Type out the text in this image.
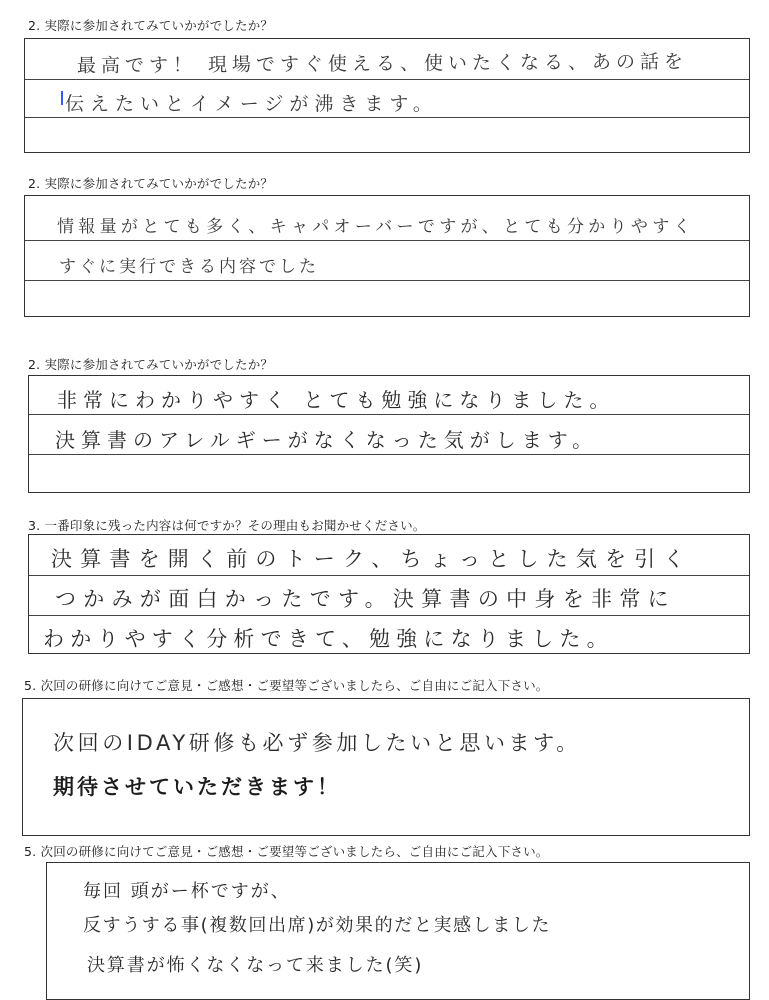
2. 実際に参加されてみていかがでしたか？
最高です！ 現場ですぐ使える、使いたくなる、あの話を
伝えたいとイメージが沸きます。
2. 実際に参加されてみていかがでしたか？
情報量がとても多く、キャパオーバーですが、とても分かりやすく
すぐに実行できる内容でした
2. 実際に参加されてみていかがでしたか？
非常にわかりやすく とても勉強になりました。
決算書のアレルギーがなくなった気がします。
3. 一番印象に残った内容は何ですか？その理由もお聞かせください。
決算書を開く前のトーク、ちょっとした気を引く
つかみが面白かったです。決算書の中身を非常に
わかりやすく分析できて、勉強になりました。
5. 次回の研修に向けてご意見・ご感想・ご要望等ございましたら、ご自由にご記入下さい。
次回のIDAY研修も必ず参加したいと思います。
期待させていただきます！
5. 次回の研修に向けてご意見・ご感想・ご要望等ございましたら、ご自由にご記入下さい。
毎回 頭がー杯ですが、
反すうする事(複数回出席)が効果的だと実感しました
決算書が怖くなくなって来ました(笑)
